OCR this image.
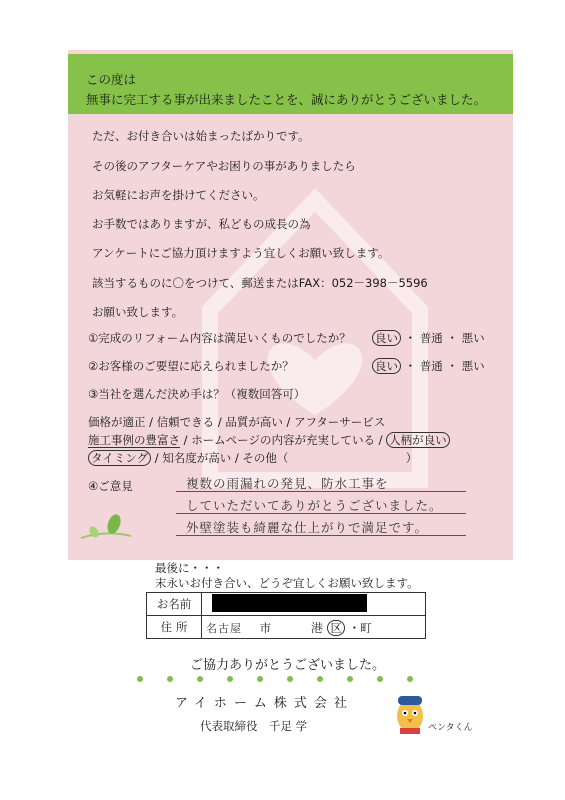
この度は
無事に完工する事が出来ましたことを、誠にありがとうございました。
ただ、お付き合いは始まったばかりです。
その後のアフターケアやお困りの事がありましたら
お気軽にお声を掛けてください。
お手数ではありますが、私どもの成長の為
アンケートにご協力頂けますよう宜しくお願い致します。
該当するものに〇をつけて、郵送またはFAX：052－398－5596
お願い致します。
①完成のリフォーム内容は満足いくものでしたか？ 良い ・ 普通 ・ 悪い
②お客様のご要望に応えられましたか？	良い ・ 普通 ・ 悪い
③当社を選んだ決め手は？（複数回答可）
価格が適正 / 信頼できる / 品質が高い / アフターサービス
施工事例の豊富さ / ホームページの内容が充実している / 人柄が良い
タイミング / 知名度が高い / その他（	）
④ご意見	複数の雨漏れの発見、防水工事を
していただいてありがとうございました。
外壁塗装も綺麗な仕上がりで満足です。
最後に・・・
末永いお付き合い、どうぞ宜しくお願い致します。
お名前	
住 所	名古屋 市 港 区 ・町
ご協力ありがとうございました。
アイホーム株式会社
代表取締役　千足 学	ペンタくん
